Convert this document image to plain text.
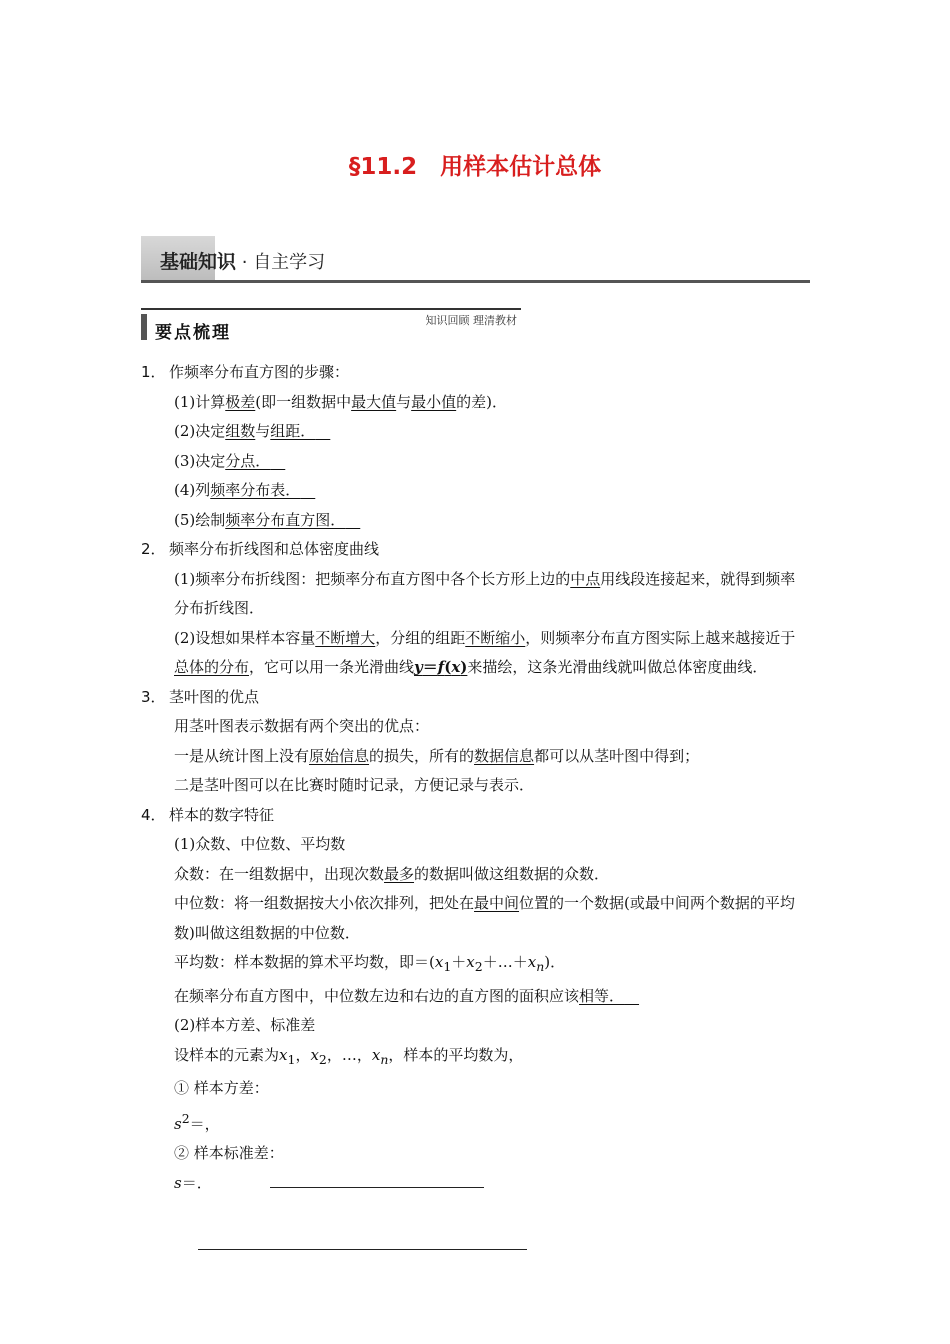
§11.2　用样本估计总体
基础知识 · 自主学习
要点梳理
知识回顾 理清教材
1． 作频率分布直方图的步骤：
(1)计算极差(即一组数据中最大值与最小值的差)．
(2)决定组数与组距． 
(3)决定分点． 
(4)列频率分布表． 
(5)绘制频率分布直方图． 
2． 频率分布折线图和总体密度曲线
(1)频率分布折线图：把频率分布直方图中各个长方形上边的中点用线段连接起来，就得到频率分布折线图．
(2)设想如果样本容量不断增大，分组的组距不断缩小，则频率分布直方图实际上越来越接近于总体的分布，它可以用一条光滑曲线y＝f(x)来描绘，这条光滑曲线就叫做总体密度曲线．
3． 茎叶图的优点
用茎叶图表示数据有两个突出的优点：
一是从统计图上没有原始信息的损失，所有的数据信息都可以从茎叶图中得到；
二是茎叶图可以在比赛时随时记录，方便记录与表示．
4． 样本的数字特征
(1)众数、中位数、平均数
众数：在一组数据中，出现次数最多的数据叫做这组数据的众数．
中位数：将一组数据按大小依次排列，把处在最中间位置的一个数据(或最中间两个数据的平均数)叫做这组数据的中位数．
平均数：样本数据的算术平均数，即$=(x_1+x_2+\dots+x_n)$．
在频率分布直方图中，中位数左边和右边的直方图的面积应该相等． 
(2)样本方差、标准差
设样本的元素为$x_1$，$x_2$，…，$x_n$，样本的平均数为，
① 样本方差：
$s^2=$，
② 样本标准差：
s＝．
